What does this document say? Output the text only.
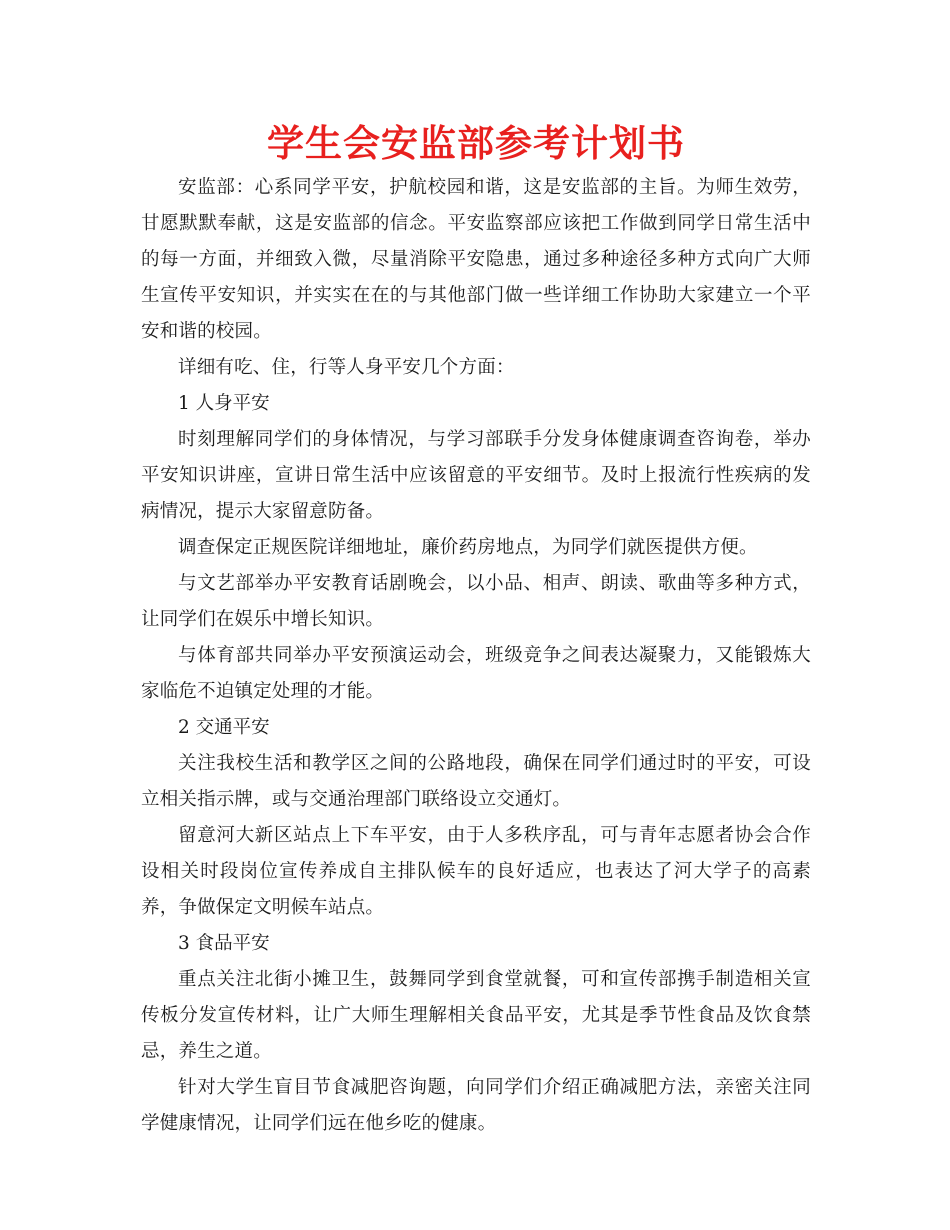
学生会安监部参考计划书

安监部：心系同学平安，护航校园和谐，这是安监部的主旨。为师生效劳，甘愿默默奉献，这是安监部的信念。平安监察部应该把工作做到同学日常生活中的每一方面，并细致入微，尽量消除平安隐患，通过多种途径多种方式向广大师生宣传平安知识，并实实在在的与其他部门做一些详细工作协助大家建立一个平安和谐的校园。

详细有吃、住，行等人身平安几个方面：

1 人身平安

时刻理解同学们的身体情况，与学习部联手分发身体健康调查咨询卷，举办平安知识讲座，宣讲日常生活中应该留意的平安细节。及时上报流行性疾病的发病情况，提示大家留意防备。

调查保定正规医院详细地址，廉价药房地点，为同学们就医提供方便。

与文艺部举办平安教育话剧晚会，以小品、相声、朗读、歌曲等多种方式，让同学们在娱乐中增长知识。

与体育部共同举办平安预演运动会，班级竞争之间表达凝聚力，又能锻炼大家临危不迫镇定处理的才能。

2 交通平安

关注我校生活和教学区之间的公路地段，确保在同学们通过时的平安，可设立相关指示牌，或与交通治理部门联络设立交通灯。

留意河大新区站点上下车平安，由于人多秩序乱，可与青年志愿者协会合作设相关时段岗位宣传养成自主排队候车的良好适应，也表达了河大学子的高素养，争做保定文明候车站点。

3 食品平安

重点关注北街小摊卫生，鼓舞同学到食堂就餐，可和宣传部携手制造相关宣传板分发宣传材料，让广大师生理解相关食品平安，尤其是季节性食品及饮食禁忌，养生之道。

针对大学生盲目节食减肥咨询题，向同学们介绍正确减肥方法，亲密关注同学健康情况，让同学们远在他乡吃的健康。
